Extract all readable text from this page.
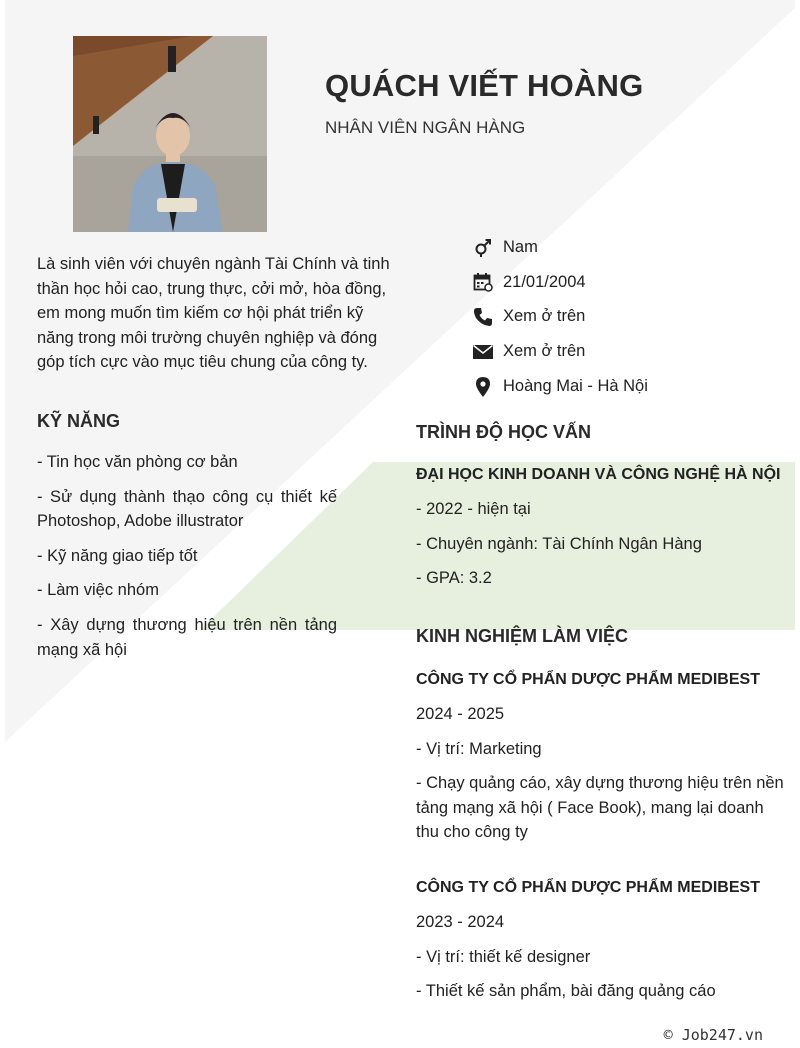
QUÁCH VIẾT HOÀNG
NHÂN VIÊN NGÂN HÀNG
Là sinh viên với chuyên ngành Tài Chính và tinh thần học hỏi cao, trung thực, cởi mở, hòa đồng, em mong muốn tìm kiếm cơ hội phát triển kỹ năng trong môi trường chuyên nghiệp và đóng góp tích cực vào mục tiêu chung của công ty.
Nam
21/01/2004
Xem ở trên
Xem ở trên
Hoàng Mai - Hà Nội
KỸ NĂNG
- Tin học văn phòng cơ bản
- Sử dụng thành thạo công cụ thiết kế Photoshop, Adobe illustrator
- Kỹ năng giao tiếp tốt
- Làm việc nhóm
- Xây dựng thương hiệu trên nền tảng mạng xã hội
TRÌNH ĐỘ HỌC VẤN
ĐẠI HỌC KINH DOANH VÀ CÔNG NGHỆ HÀ NỘI
- 2022 - hiện tại
- Chuyên ngành: Tài Chính Ngân Hàng
- GPA: 3.2
KINH NGHIỆM LÀM VIỆC
CÔNG TY CỔ PHẨN DƯỢC PHẨM MEDIBEST
2024 - 2025
- Vị trí: Marketing
- Chạy quảng cáo, xây dựng thương hiệu trên nền tảng mạng xã hội ( Face Book), mang lại doanh thu cho công ty
CÔNG TY CỔ PHẨN DƯỢC PHẨM MEDIBEST
2023 - 2024
- Vị trí: thiết kế designer
- Thiết kế sản phẩm, bài đăng quảng cáo
© Job247.vn
